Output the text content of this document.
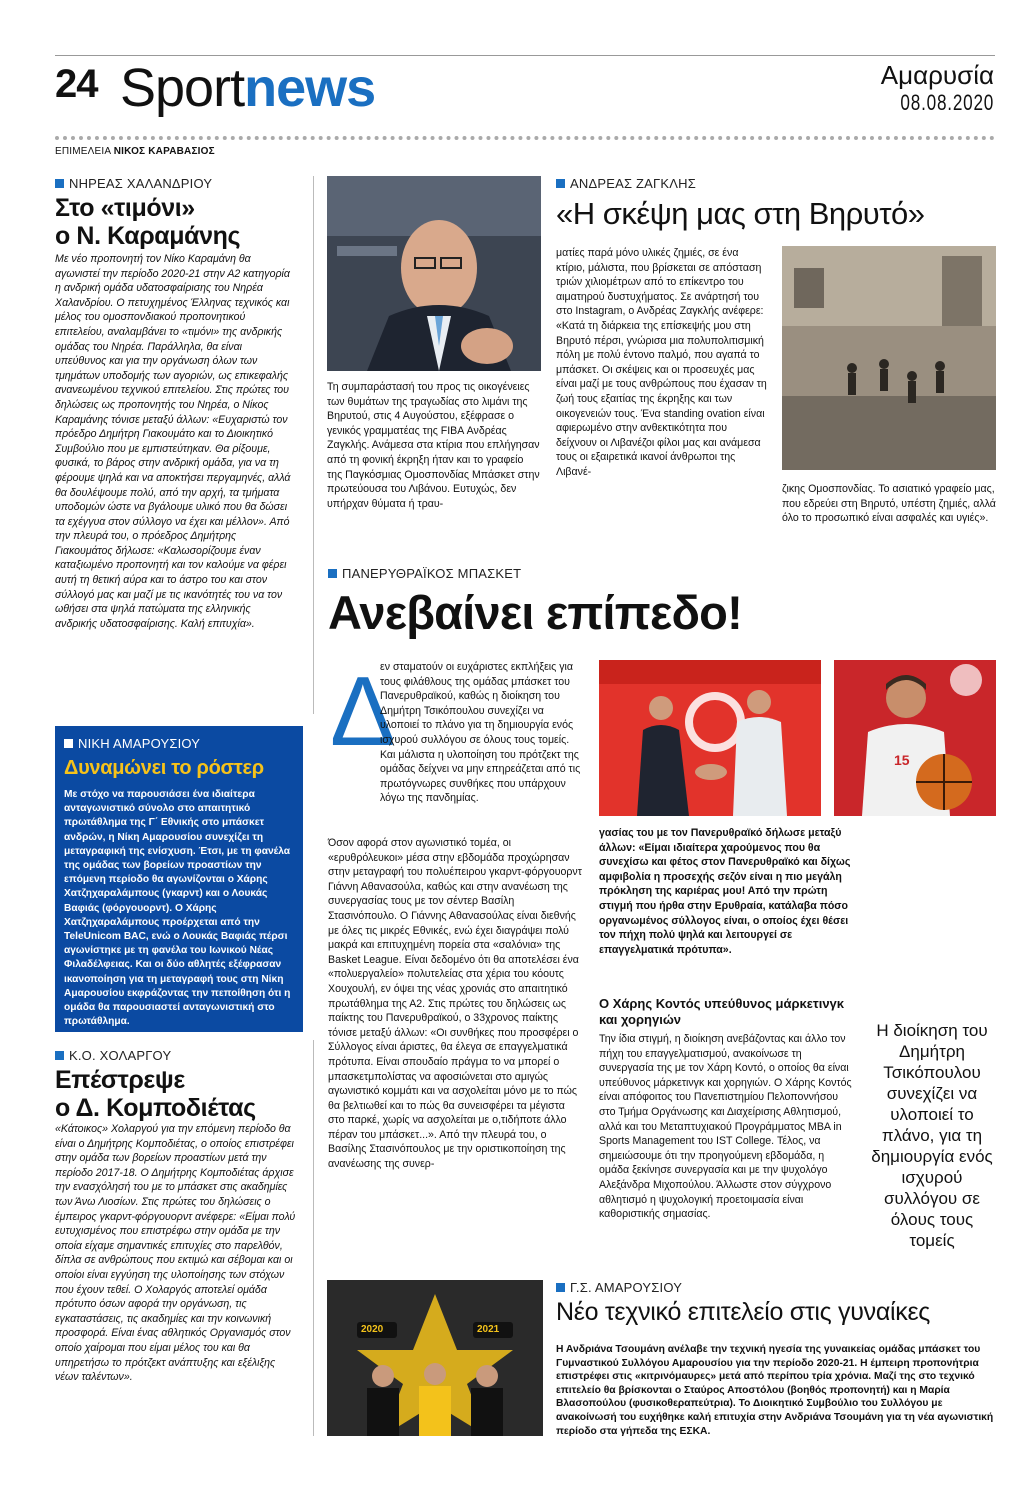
24 Sportnews	Αμαρυσία
08.08.2020
ΕΠΙΜΕΛΕΙΑ ΝΙΚΟΣ ΚΑΡΑΒΑΣΙΟΣ
ΝΗΡΕΑΣ ΧΑΛΑΝΔΡΙΟΥ
Στο «τιμόνι»
ο Ν. Καραμάνης
Με νέο προπονητή τον Νίκο Καραμάνη θα αγωνιστεί την περίοδο 2020-21 στην Α2 κατηγορία η ανδρική ομάδα υδατοσφαίρισης του Νηρέα Χαλανδρίου. Ο πετυχημένος Έλληνας τεχνικός και μέλος του ομοσπονδιακού προπονητικού επιτελείου, αναλαμβάνει το «τιμόνι» της ανδρικής ομάδας του Νηρέα. Παράλληλα, θα είναι υπεύθυνος και για την οργάνωση όλων των τμημάτων υποδομής των αγοριών, ως επικεφαλής ανανεωμένου τεχνικού επιτελείου. Στις πρώτες του δηλώσεις ως προπονητής του Νηρέα, ο Νίκος Καραμάνης τόνισε μεταξύ άλλων: «Ευχαριστώ τον πρόεδρο Δημήτρη Γιακουμάτο και το Διοικητικό Συμβούλιο που με εμπιστεύτηκαν. Θα ρίξουμε, φυσικά, το βάρος στην ανδρική ομάδα, για να τη φέρουμε ψηλά και να αποκτήσει περγαμηνές, αλλά θα δουλέψουμε πολύ, από την αρχή, τα τμήματα υποδομών ώστε να βγάλουμε υλικό που θα δώσει τα εχέγγυα στον σύλλογο να έχει και μέλλον». Από την πλευρά του, ο πρόεδρος Δημήτρης Γιακουμάτος δήλωσε: «Καλωσορίζουμε έναν καταξιωμένο προπονητή και τον καλούμε να φέρει αυτή τη θετική αύρα και το άστρο του και στον σύλλογό μας και μαζί με τις ικανότητές του να τον ωθήσει στα ψηλά πατώματα της ελληνικής ανδρικής υδατοσφαίρισης. Καλή επιτυχία».
ΝΙΚΗ ΑΜΑΡΟΥΣΙΟΥ
Δυναμώνει το ρόστερ
Με στόχο να παρουσιάσει ένα ιδιαίτερα ανταγωνιστικό σύνολο στο απαιτητικό πρωτάθλημα της Γ΄ Εθνικής στο μπάσκετ ανδρών, η Νίκη Αμαρουσίου συνεχίζει τη μεταγραφική της ενίσχυση. Έτσι, με τη φανέλα της ομάδας των βορείων προαστίων την επόμενη περίοδο θα αγωνίζονται ο Χάρης Χατζηχαραλάμπους (γκαρντ) και ο Λουκάς Βαφιάς (φόργουορντ). Ο Χάρης Χατζηχαραλάμπους προέρχεται από την TeleUnicom BAC, ενώ ο Λουκάς Βαφιάς πέρσι αγωνίστηκε με τη φανέλα του Ιωνικού Νέας Φιλαδέλφειας. Και οι δύο αθλητές εξέφρασαν ικανοποίηση για τη μεταγραφή τους στη Νίκη Αμαρουσίου εκφράζοντας την πεποίθηση ότι η ομάδα θα παρουσιαστεί ανταγωνιστική στο πρωτάθλημα.
Κ.Ο. ΧΟΛΑΡΓΟΥ
Επέστρεψε
ο Δ. Κομποδιέτας
«Κάτοικος» Χολαργού για την επόμενη περίοδο θα είναι ο Δημήτρης Κομποδιέτας, ο οποίος επιστρέφει στην ομάδα των βορείων προαστίων μετά την περίοδο 2017-18. Ο Δημήτρης Κομποδιέτας άρχισε την ενασχόλησή του με το μπάσκετ στις ακαδημίες των Άνω Λιοσίων. Στις πρώτες του δηλώσεις ο έμπειρος γκαρντ-φόργουορντ ανέφερε: «Είμαι πολύ ευτυχισμένος που επιστρέφω στην ομάδα με την οποία είχαμε σημαντικές επιτυχίες στο παρελθόν, δίπλα σε ανθρώπους που εκτιμώ και σέβομαι και οι οποίοι είναι εγγύηση της υλοποίησης των στόχων που έχουν τεθεί. Ο Χολαργός αποτελεί ομάδα πρότυπο όσων αφορά την οργάνωση, τις εγκαταστάσεις, τις ακαδημίες και την κοινωνική προσφορά. Είναι ένας αθλητικός Οργανισμός στον οποίο χαίρομαι που είμαι μέλος του και θα υπηρετήσω το πρότζεκτ ανάπτυξης και εξέλιξης νέων ταλέντων».
Τη συμπαράστασή του προς τις οικογένειες των θυμάτων της τραγωδίας στο λιμάνι της Βηρυτού, στις 4 Αυγούστου, εξέφρασε ο γενικός γραμματέας της FIBA Ανδρέας Ζαγκλής. Ανάμεσα στα κτίρια που επλήγησαν από τη φονική έκρηξη ήταν και το γραφείο της Παγκόσμιας Ομοσπονδίας Μπάσκετ στην πρωτεύουσα του Λιβάνου. Ευτυχώς, δεν υπήρχαν θύματα ή τραυ-
ΑΝΔΡΕΑΣ ΖΑΓΚΛΗΣ
«Η σκέψη μας στη Βηρυτό»
ματίες παρά μόνο υλικές ζημιές, σε ένα κτίριο, μάλιστα, που βρίσκεται σε απόσταση τριών χιλιομέτρων από το επίκεντρο του αιματηρού δυστυχήματος. Σε ανάρτησή του στο Instagram, ο Ανδρέας Ζαγκλής ανέφερε: «Κατά τη διάρκεια της επίσκεψής μου στη Βηρυτό πέρσι, γνώρισα μια πολυπολιτισμική πόλη με πολύ έντονο παλμό, που αγαπά το μπάσκετ. Οι σκέψεις και οι προσευχές μας είναι μαζί με τους ανθρώπους που έχασαν τη ζωή τους εξαιτίας της έκρηξης και των οικογενειών τους. Ένα standing ovation είναι αφιερωμένο στην ανθεκτικότητα που δείχνουν οι Λιβανέζοι φίλοι μας και ανάμεσα τους οι εξαιρετικά ικανοί άνθρωποι της Λιβανέ-
ζικης Ομοσπονδίας. Το ασιατικό γραφείο μας, που εδρεύει στη Βηρυτό, υπέστη ζημιές, αλλά όλο το προσωπικό είναι ασφαλές και υγιές».
ΠΑΝΕΡΥΘΡΑΪΚΟΣ ΜΠΑΣΚΕΤ
Ανεβαίνει επίπεδο!
Δ
εν σταματούν οι ευχάριστες εκπλήξεις για τους φιλάθλους της ομάδας μπάσκετ του Πανερυθραϊκού, καθώς η διοίκηση του Δημήτρη Τσικόπουλου συνεχίζει να υλοποιεί το πλάνο για τη δημιουργία ενός ισχυρού συλλόγου σε όλους τους τομείς. Και μάλιστα η υλοποίηση του πρότζεκτ της ομάδας δείχνει να μην επηρεάζεται από τις πρωτόγνωρες συνθήκες που υπάρχουν λόγω της πανδημίας.
Όσον αφορά στον αγωνιστικό τομέα, οι «ερυθρόλευκοι» μέσα στην εβδομάδα προχώρησαν στην μεταγραφή του πολυέπειρου γκαρντ-φόργουορντ Γιάννη Αθανασούλα, καθώς και στην ανανέωση της συνεργασίας τους με τον σέντερ Βασίλη Στασινόπουλο. Ο Γιάννης Αθανασούλας είναι διεθνής με όλες τις μικρές Εθνικές, ενώ έχει διαγράψει πολύ μακρά και επιτυχημένη πορεία στα «σαλόνια» της Basket League. Είναι δεδομένο ότι θα αποτελέσει ένα «πολυεργαλείο» πολυτελείας στα χέρια του κόουτς Χουχουλή, εν όψει της νέας χρονιάς στο απαιτητικό πρωτάθλημα της Α2. Στις πρώτες του δηλώσεις ως παίκτης του Πανερυθραϊκού, ο 33χρονος παίκτης τόνισε μεταξύ άλλων: «Οι συνθήκες που προσφέρει ο Σύλλογος είναι άριστες, θα έλεγα σε επαγγελματικά πρότυπα. Είναι σπουδαίο πράγμα το να μπορεί ο μπασκετμπολίστας να αφοσιώνεται στο αμιγώς αγωνιστικό κομμάτι και να ασχολείται μόνο με το πώς θα βελτιωθεί και το πώς θα συνεισφέρει τα μέγιστα στο παρκέ, χωρίς να ασχολείται με ο,τιδήποτε άλλο πέραν του μπάσκετ...». Από την πλευρά του, ο Βασίλης Στασινόπουλος με την οριστικοποίηση της ανανέωσης της συνερ-
15
γασίας του με τον Πανερυθραϊκό δήλωσε μεταξύ άλλων: «Είμαι ιδιαίτερα χαρούμενος που θα συνεχίσω και φέτος στον Πανερυθραϊκό και δίχως αμφιβολία η προσεχής σεζόν είναι η πιο μεγάλη πρόκληση της καριέρας μου! Από την πρώτη στιγμή που ήρθα στην Ερυθραία, κατάλαβα πόσο οργανωμένος σύλλογος είναι, ο οποίος έχει θέσει τον πήχη πολύ ψηλά και λειτουργεί σε επαγγελματικά πρότυπα».
Ο Χάρης Κοντός υπεύθυνος μάρκετινγκ και χορηγιών
Την ίδια στιγμή, η διοίκηση ανεβάζοντας και άλλο τον πήχη του επαγγελματισμού, ανακοίνωσε τη συνεργασία της με τον Χάρη Κοντό, ο οποίος θα είναι υπεύθυνος μάρκετινγκ και χορηγιών. Ο Χάρης Κοντός είναι απόφοιτος του Πανεπιστημίου Πελοποννήσου στο Τμήμα Οργάνωσης και Διαχείρισης Αθλητισμού, αλλά και του Μεταπτυχιακού Προγράμματος MBA in Sports Management του IST College. Τέλος, να σημειώσουμε ότι την προηγούμενη εβδομάδα, η ομάδα ξεκίνησε συνεργασία και με την ψυχολόγο Αλεξάνδρα Μιχοπούλου. Άλλωστε στον σύγχρονο αθλητισμό η ψυχολογική προετοιμασία είναι καθοριστικής σημασίας.
Η διοίκηση του Δημήτρη Τσικόπουλου συνεχίζει να υλοποιεί το πλάνο, για τη δημιουργία ενός ισχυρού συλλόγου σε όλους τους τομείς
2020	2021
Γ.Σ. ΑΜΑΡΟΥΣΙΟΥ
Νέο τεχνικό επιτελείο στις γυναίκες
Η Ανδριάνα Τσουμάνη ανέλαβε την τεχνική ηγεσία της γυναικείας ομάδας μπάσκετ του Γυμναστικού Συλλόγου Αμαρουσίου για την περίοδο 2020-21. Η έμπειρη προπονήτρια επιστρέφει στις «κιτρινόμαυρες» μετά από περίπου τρία χρόνια. Μαζί της στο τεχνικό επιτελείο θα βρίσκονται ο Σταύρος Αποστόλου (βοηθός προπονητή) και η Μαρία Βλασοπούλου (φυσικοθεραπεύτρια). Το Διοικητικό Συμβούλιο του Συλλόγου με ανακοίνωσή του ευχήθηκε καλή επιτυχία στην Ανδριάνα Τσουμάνη για τη νέα αγωνιστική περίοδο στα γήπεδα της ΕΣΚΑ.
